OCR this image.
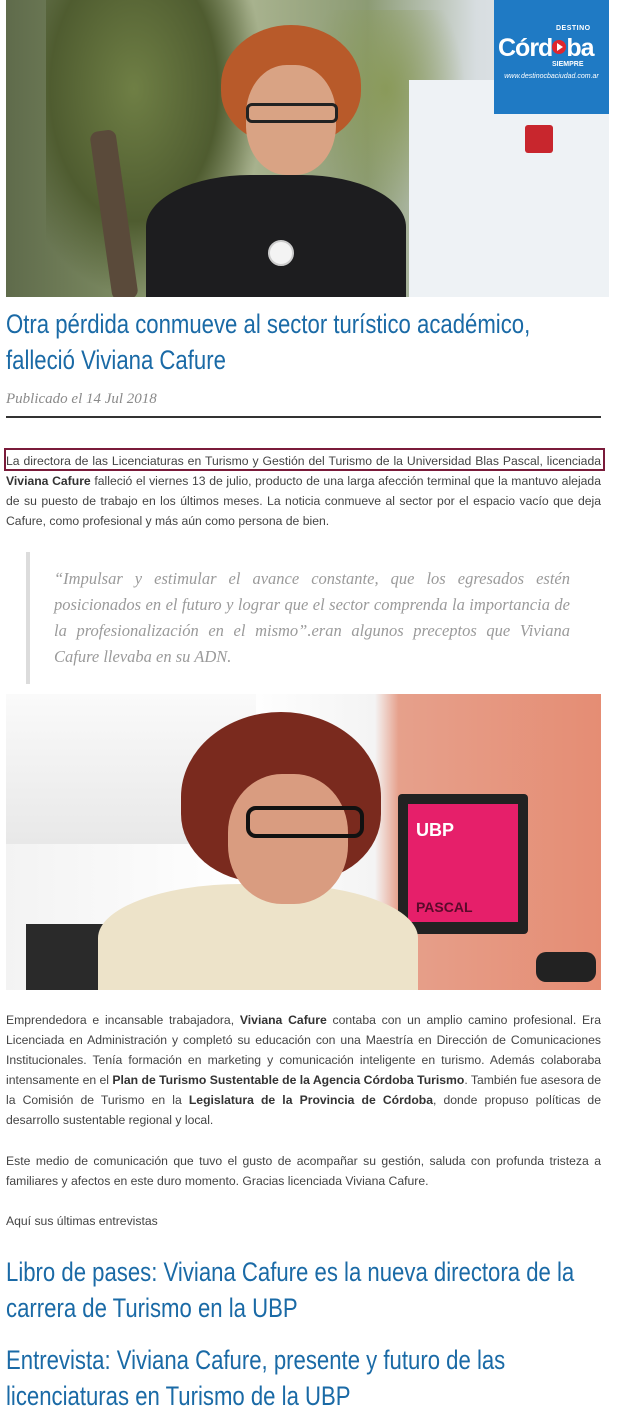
DESTINO
Córd ba
SIEMPRE
www.destinocbaciudad.com.ar
Otra pérdida conmueve al sector turístico académico, falleció Viviana Cafure
Publicado el 14 Jul 2018
La directora de las Licenciaturas en Turismo y Gestión del Turismo de la Universidad Blas Pascal, licenciada Viviana Cafure falleció el viernes 13 de julio, producto de una larga afección terminal que la mantuvo alejada de su puesto de trabajo en los últimos meses. La noticia conmueve al sector por el espacio vacío que deja Cafure, como profesional y más aún como persona de bien.
“Impulsar y estimular el avance constante, que los egresados estén posicionados en el futuro y lograr que el sector comprenda la importancia de la profesionalización en el mismo”.eran algunos preceptos que Viviana Cafure llevaba en su ADN.
UBP
PASCAL
Emprendedora e incansable trabajadora, Viviana Cafure contaba con un amplio camino profesional. Era Licenciada en Administración y completó su educación con una Maestría en Dirección de Comunicaciones Institucionales. Tenía formación en marketing y comunicación inteligente en turismo. Además colaboraba intensamente en el Plan de Turismo Sustentable de la Agencia Córdoba Turismo. También fue asesora de la Comisión de Turismo en la Legislatura de la Provincia de Córdoba, donde propuso políticas de desarrollo sustentable regional y local.
Este medio de comunicación que tuvo el gusto de acompañar su gestión, saluda con profunda tristeza a familiares y afectos en este duro momento. Gracias licenciada Viviana Cafure.
Aquí sus últimas entrevistas
Libro de pases: Viviana Cafure es la nueva directora de la carrera de Turismo en la UBP
Entrevista: Viviana Cafure, presente y futuro de las licenciaturas en Turismo de la UBP
